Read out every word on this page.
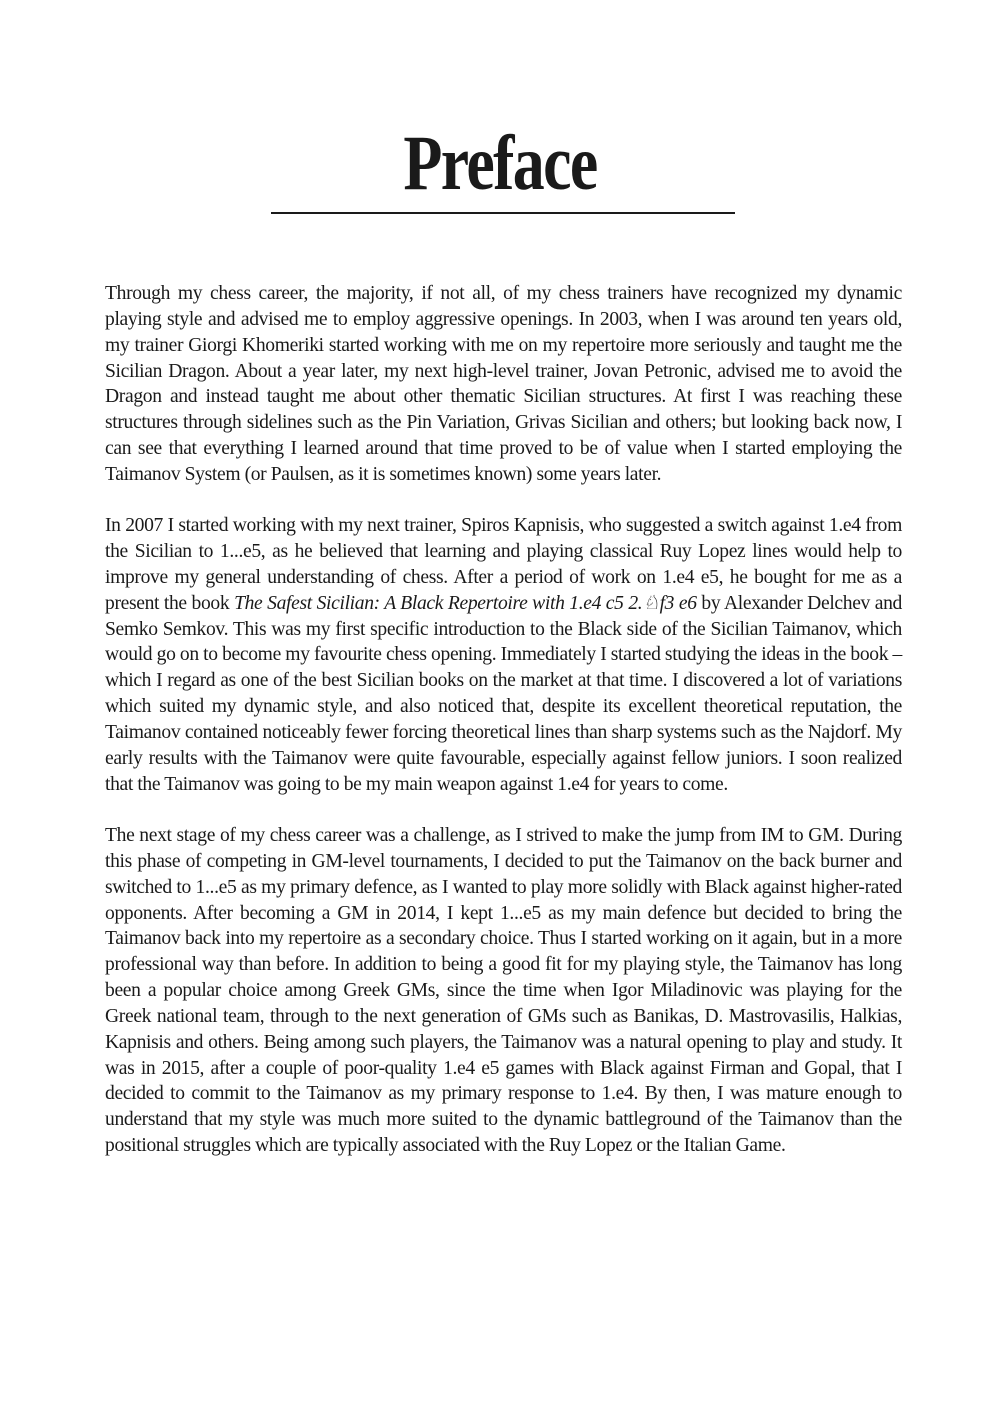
Preface

Through my chess career, the majority, if not all, of my chess trainers have recognized my dynamic playing style and advised me to employ aggressive openings. In 2003, when I was around ten years old, my trainer Giorgi Khomeriki started working with me on my repertoire more seriously and taught me the Sicilian Dragon. About a year later, my next high-level trainer, Jovan Petronic, advised me to avoid the Dragon and instead taught me about other thematic Sicilian structures. At first I was reaching these structures through sidelines such as the Pin Variation, Grivas Sicilian and others; but looking back now, I can see that everything I learned around that time proved to be of value when I started employing the Taimanov System (or Paulsen, as it is sometimes known) some years later.

In 2007 I started working with my next trainer, Spiros Kapnisis, who suggested a switch against 1.e4 from the Sicilian to 1...e5, as he believed that learning and playing classical Ruy Lopez lines would help to improve my general understanding of chess. After a period of work on 1.e4 e5, he bought for me as a present the book The Safest Sicilian: A Black Repertoire with 1.e4 c5 2.♘f3 e6 by Alexander Delchev and Semko Semkov. This was my first specific introduction to the Black side of the Sicilian Taimanov, which would go on to become my favourite chess opening. Immediately I started studying the ideas in the book – which I regard as one of the best Sicilian books on the market at that time. I discovered a lot of variations which suited my dynamic style, and also noticed that, despite its excellent theoretical reputation, the Taimanov contained noticeably fewer forcing theoretical lines than sharp systems such as the Najdorf. My early results with the Taimanov were quite favourable, especially against fellow juniors. I soon realized that the Taimanov was going to be my main weapon against 1.e4 for years to come.

The next stage of my chess career was a challenge, as I strived to make the jump from IM to GM. During this phase of competing in GM-level tournaments, I decided to put the Taimanov on the back burner and switched to 1...e5 as my primary defence, as I wanted to play more solidly with Black against higher-rated opponents. After becoming a GM in 2014, I kept 1...e5 as my main defence but decided to bring the Taimanov back into my repertoire as a secondary choice. Thus I started working on it again, but in a more professional way than before. In addition to being a good fit for my playing style, the Taimanov has long been a popular choice among Greek GMs, since the time when Igor Miladinovic was playing for the Greek national team, through to the next generation of GMs such as Banikas, D. Mastrovasilis, Halkias, Kapnisis and others. Being among such players, the Taimanov was a natural opening to play and study. It was in 2015, after a couple of poor-quality 1.e4 e5 games with Black against Firman and Gopal, that I decided to commit to the Taimanov as my primary response to 1.e4. By then, I was mature enough to understand that my style was much more suited to the dynamic battleground of the Taimanov than the positional struggles which are typically associated with the Ruy Lopez or the Italian Game.
